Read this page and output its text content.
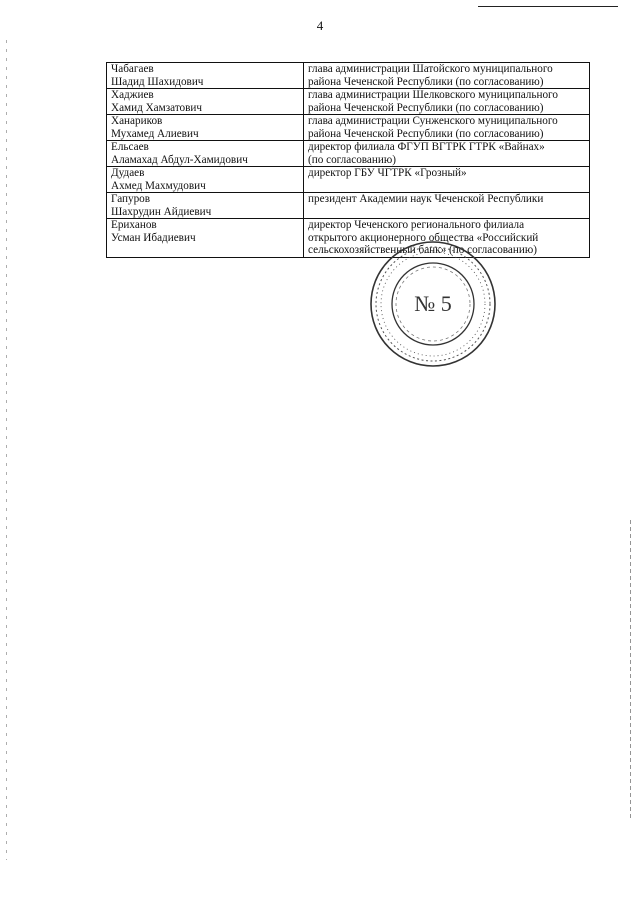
4
Чабагаев
Шадид Шахидович	глава администрации Шатойского муниципального
района Чеченской Республики (по согласованию)

Хаджиев
Хамид Хамзатович	глава администрации Шелковского муниципального
района Чеченской Республики (по согласованию)

Ханариков
Мухамед Алиевич	глава администрации Сунженского муниципального
района Чеченской Республики (по согласованию)

Ельсаев
Аламахад Абдул-Хамидович	директор филиала ФГУП ВГТРК ГТРК «Вайнах»
(по согласованию)

Дудаев
Ахмед Махмудович	директор ГБУ ЧГТРК «Грозный»

Гапуров
Шахрудин Айдиевич	президент Академии наук Чеченской Республики

Ериханов
Усман Ибадиевич	директор Чеченского регионального филиала
открытого акционерного общества «Российский
сельскохозяйственный банк» (по согласованию)
№ 5
